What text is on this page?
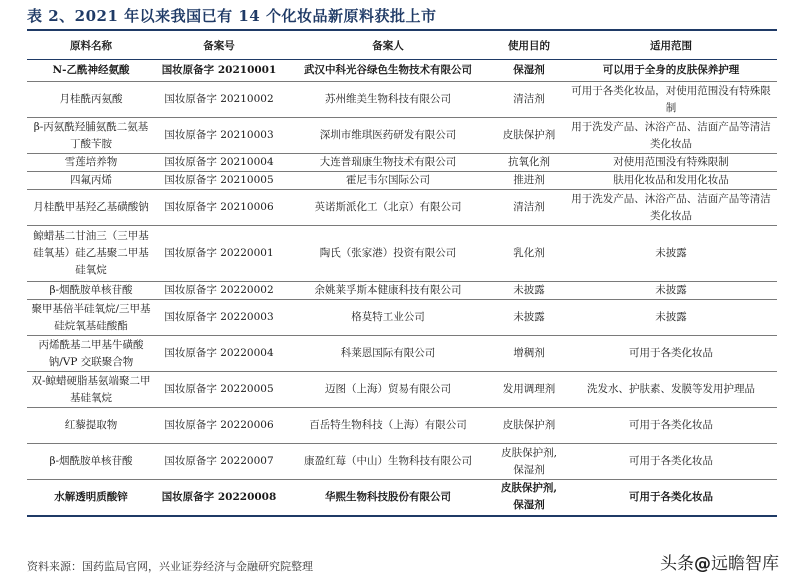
表 2、2021 年以来我国已有 14 个化妆品新原料获批上市
原料名称	备案号	备案人	使用目的	适用范围
N-乙酰神经氨酸	国妆原备字 20210001	武汉中科光谷绿色生物技术有限公司	保湿剂	可以用于全身的皮肤保养护理
月桂酰丙氨酸	国妆原备字 20210002	苏州维美生物科技有限公司	清洁剂	可用于各类化妆品，对使用范围没有特殊限制
β-丙氨酰羟脯氨酰二氨基丁酸苄胺	国妆原备字 20210003	深圳市维琪医药研发有限公司	皮肤保护剂	用于洗发产品、沐浴产品、洁面产品等清洁类化妆品
雪莲培养物	国妆原备字 20210004	大连普瑞康生物技术有限公司	抗氧化剂	对使用范围没有特殊限制
四氟丙烯	国妆原备字 20210005	霍尼韦尔国际公司	推进剂	肤用化妆品和发用化妆品
月桂酰甲基羟乙基磺酸钠	国妆原备字 20210006	英诺斯派化工（北京）有限公司	清洁剂	用于洗发产品、沐浴产品、洁面产品等清洁类化妆品
鲸蜡基二甘油三（三甲基硅氧基）硅乙基聚二甲基硅氧烷	国妆原备字 20220001	陶氏（张家港）投资有限公司	乳化剂	未披露
β-烟酰胺单核苷酸	国妆原备字 20220002	余姚莱孚斯本健康科技有限公司	未披露	未披露
聚甲基倍半硅氧烷/三甲基硅烷氧基硅酸酯	国妆原备字 20220003	格莫特工业公司	未披露	未披露
丙烯酰基二甲基牛磺酸钠/VP 交联聚合物	国妆原备字 20220004	科莱恩国际有限公司	增稠剂	可用于各类化妆品
双-鲸蜡硬脂基氨端聚二甲基硅氧烷	国妆原备字 20220005	迈图（上海）贸易有限公司	发用调理剂	洗发水、护肤素、发膜等发用护理品
红藜提取物	国妆原备字 20220006	百岳特生物科技（上海）有限公司	皮肤保护剂	可用于各类化妆品
β-烟酰胺单核苷酸	国妆原备字 20220007	康盈红莓（中山）生物科技有限公司	皮肤保护剂,保湿剂	可用于各类化妆品
水解透明质酸锌	国妆原备字 20220008	华熙生物科技股份有限公司	皮肤保护剂,保湿剂	可用于各类化妆品
资料来源：国药监局官网，兴业证券经济与金融研究院整理	头条@远瞻智库
